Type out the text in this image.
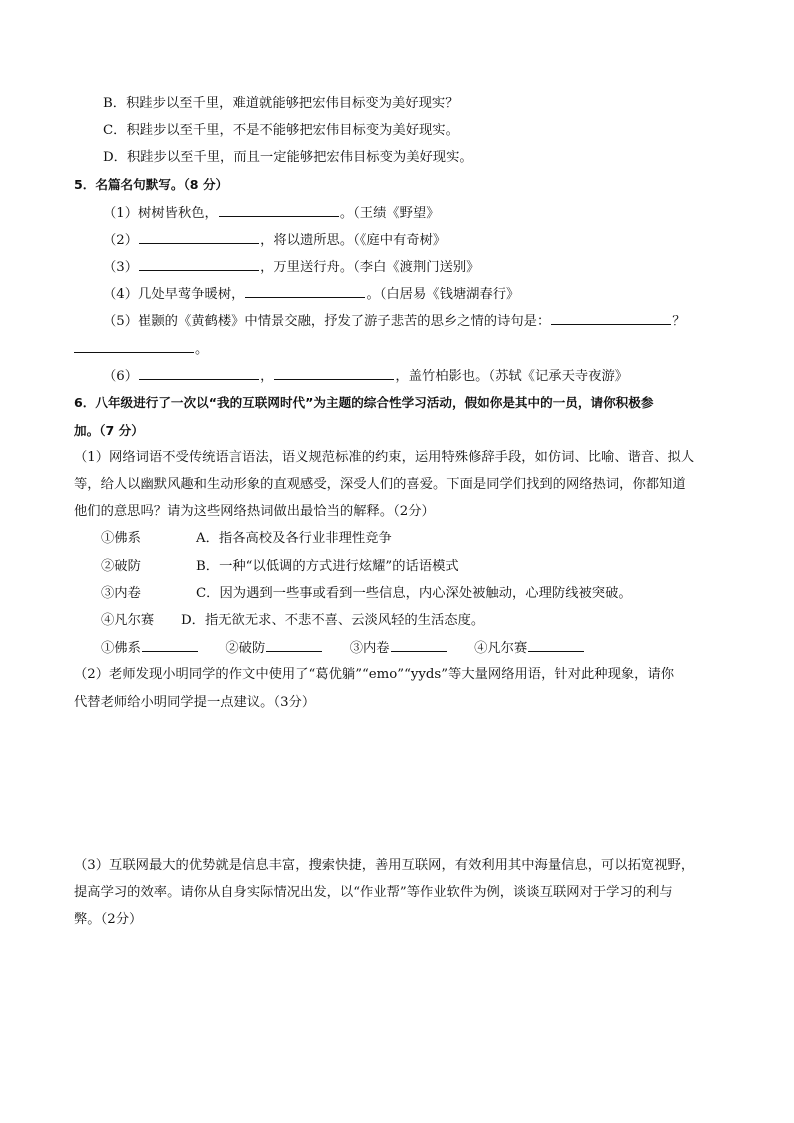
B．积跬步以至千里，难道就能够把宏伟目标变为美好现实？
C．积跬步以至千里，不是不能够把宏伟目标变为美好现实。
D．积跬步以至千里，而且一定能够把宏伟目标变为美好现实。
5．名篇名句默写。（8 分）
（1）树树皆秋色，	。（王绩《野望》
（2）	，将以遗所思。（《庭中有奇树》
（3）	，万里送行舟。（李白《渡荆门送别》
（4）几处早莺争暖树，	。（白居易《钱塘湖春行》
（5）崔颢的《黄鹤楼》中情景交融，抒发了游子悲苦的思乡之情的诗句是：	？
。
（6）	，	，盖竹柏影也。（苏轼《记承天寺夜游》
6．八年级进行了一次以“我的互联网时代”为主题的综合性学习活动，假如你是其中的一员，请你积极参
加。（7 分）
（1）网络词语不受传统语言语法，语义规范标准的约束，运用特殊修辞手段，如仿词、比喻、谐音、拟人
等，给人以幽默风趣和生动形象的直观感受，深受人们的喜爱。下面是同学们找到的网络热词，你都知道
他们的意思吗？请为这些网络热词做出最恰当的解释。（2分）
①佛系	A．指各高校及各行业非理性竞争
②破防	B．一种“以低调的方式进行炫耀”的话语模式
③内卷	C．因为遇到一些事或看到一些信息，内心深处被触动，心理防线被突破。
④凡尔赛 D．指无欲无求、不悲不喜、云淡风轻的生活态度。
①佛系	②破防	③内卷	④凡尔赛
（2）老师发现小明同学的作文中使用了“葛优躺”“emo”“yyds”等大量网络用语，针对此种现象，请你
代替老师给小明同学提一点建议。（3分）
（3）互联网最大的优势就是信息丰富，搜索快捷，善用互联网，有效利用其中海量信息，可以拓宽视野，
提高学习的效率。请你从自身实际情况出发，以“作业帮”等作业软件为例，谈谈互联网对于学习的利与
弊。（2分）
